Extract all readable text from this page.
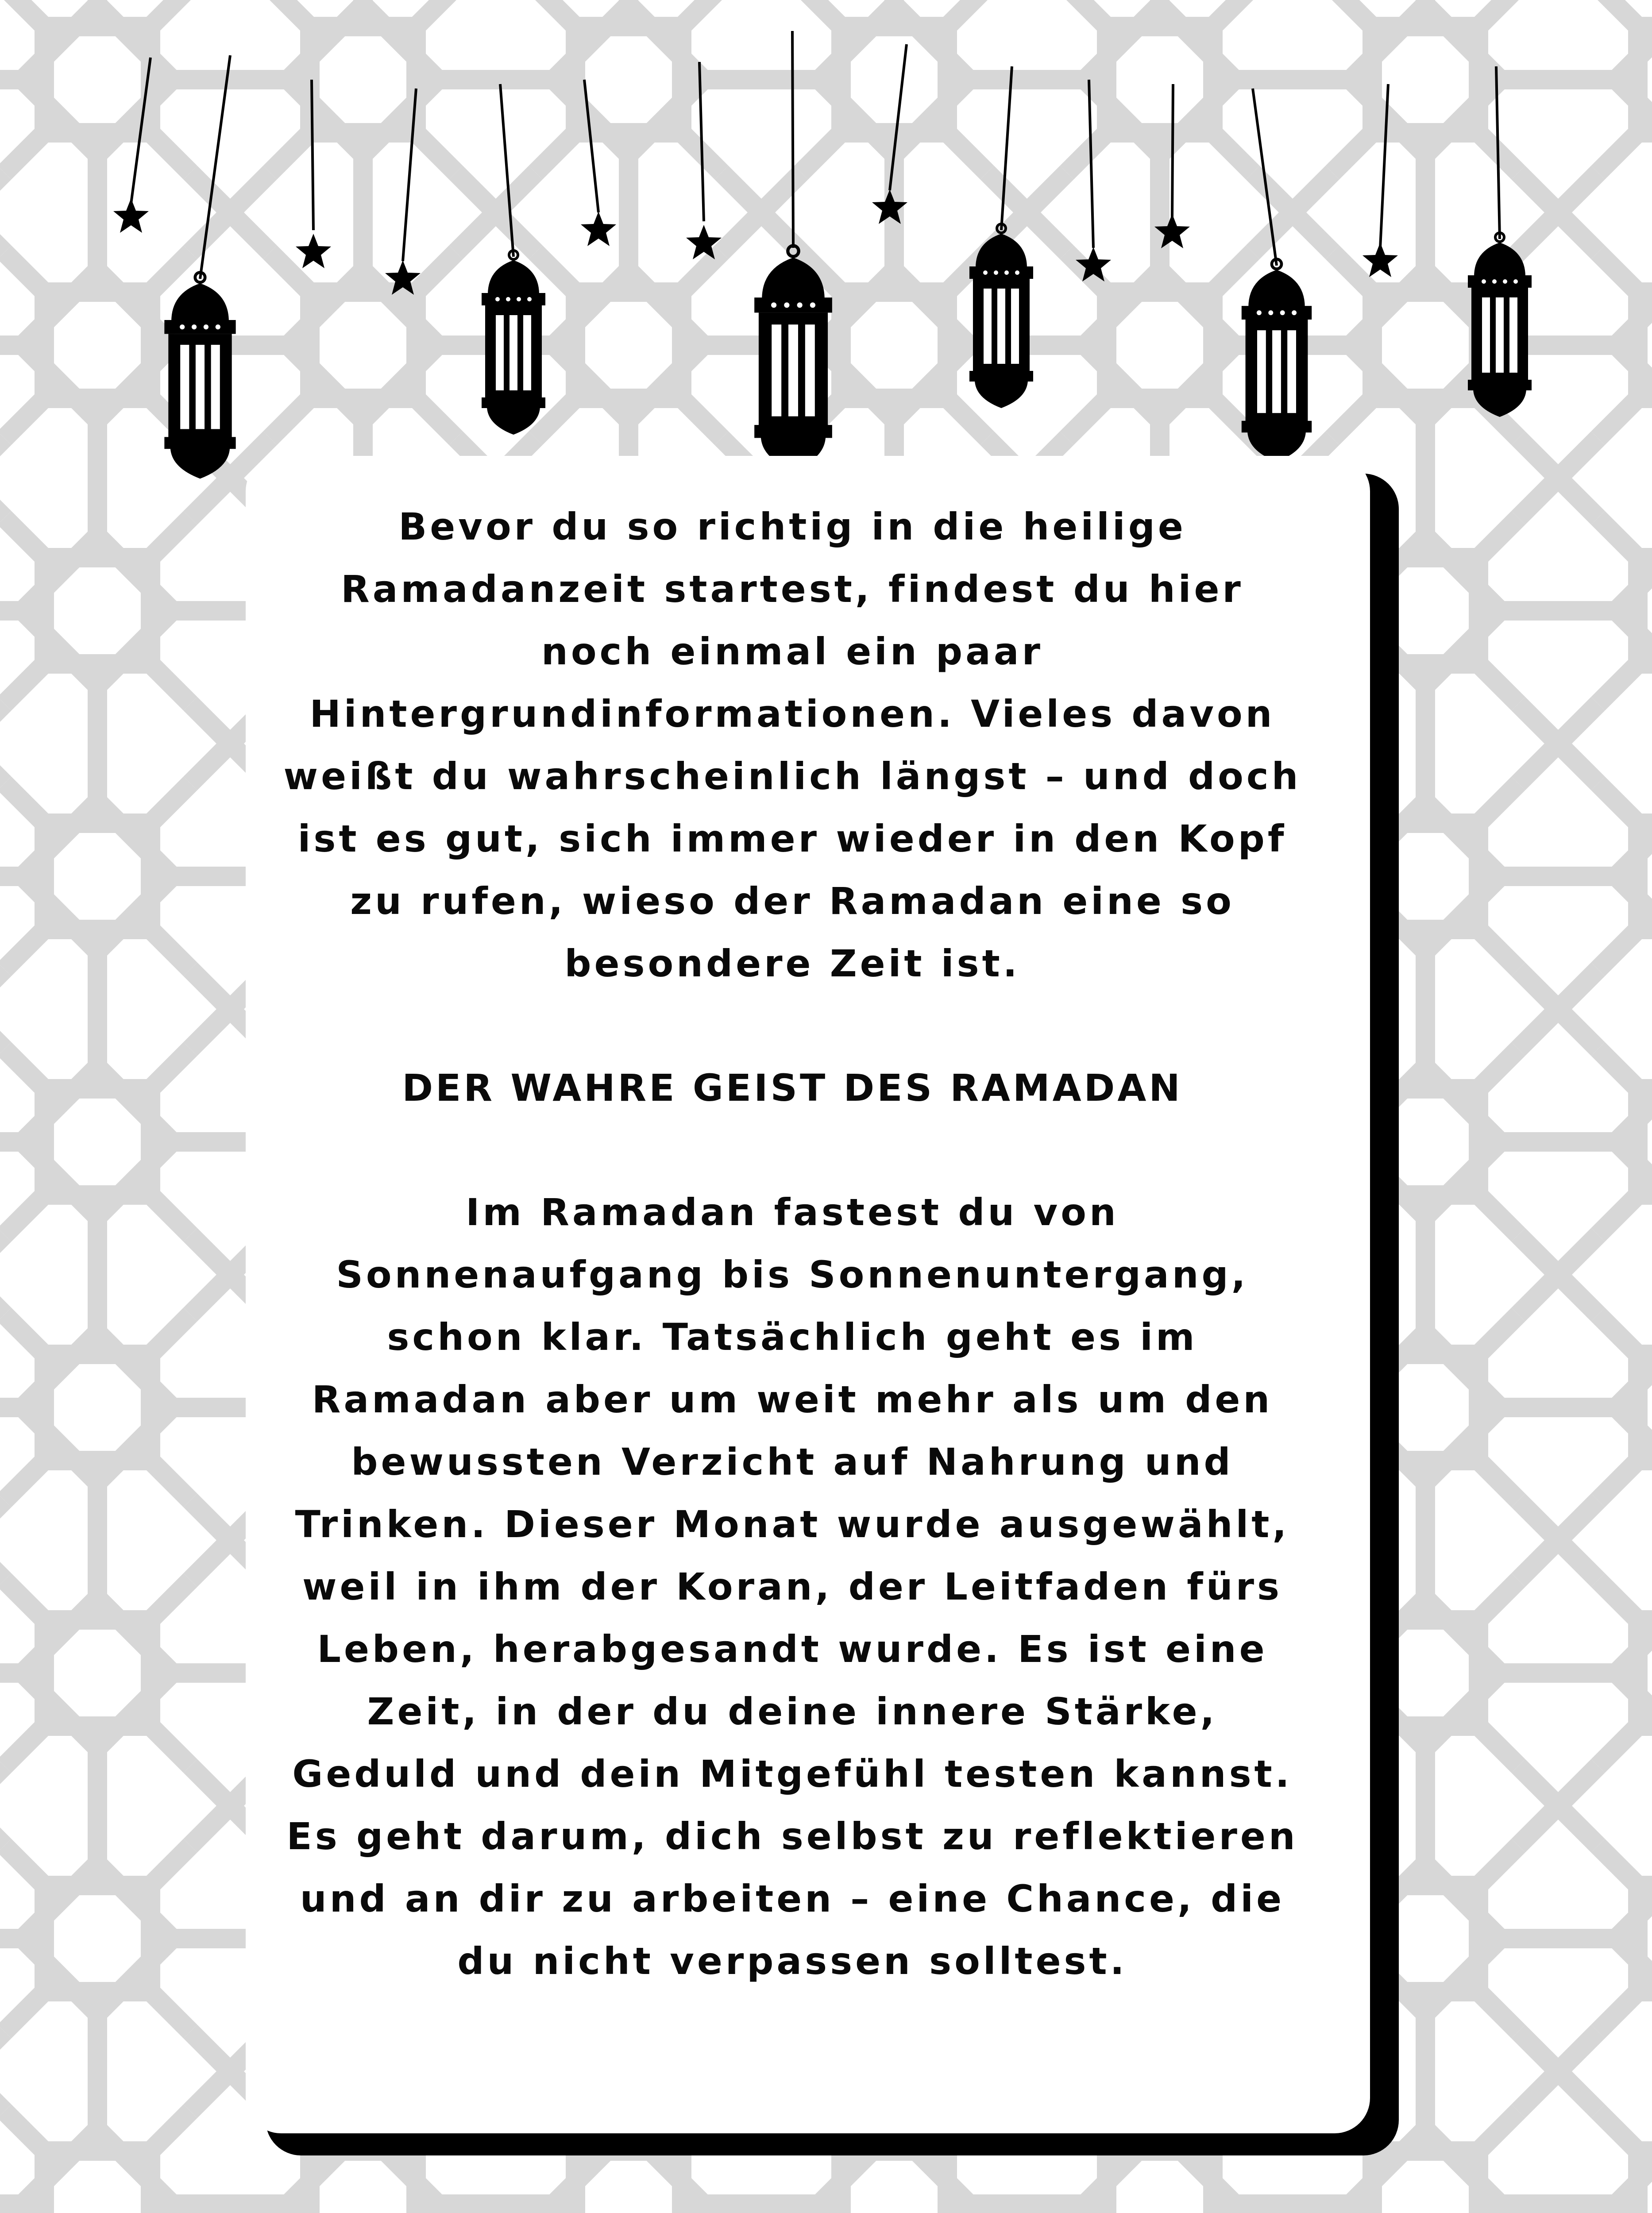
Bevor du so richtig in die heilige Ramadanzeit startest, findest du hier noch einmal ein paar Hintergrundinformationen. Vieles davon weißt du wahrscheinlich längst – und doch ist es gut, sich immer wieder in den Kopf zu rufen, wieso der Ramadan eine so besondere Zeit ist.

DER WAHRE GEIST DES RAMADAN

Im Ramadan fastest du von Sonnenaufgang bis Sonnenuntergang, schon klar. Tatsächlich geht es im Ramadan aber um weit mehr als um den bewussten Verzicht auf Nahrung und Trinken. Dieser Monat wurde ausgewählt, weil in ihm der Koran, der Leitfaden fürs Leben, herabgesandt wurde. Es ist eine Zeit, in der du deine innere Stärke, Geduld und dein Mitgefühl testen kannst. Es geht darum, dich selbst zu reflektieren und an dir zu arbeiten – eine Chance, die du nicht verpassen solltest.
